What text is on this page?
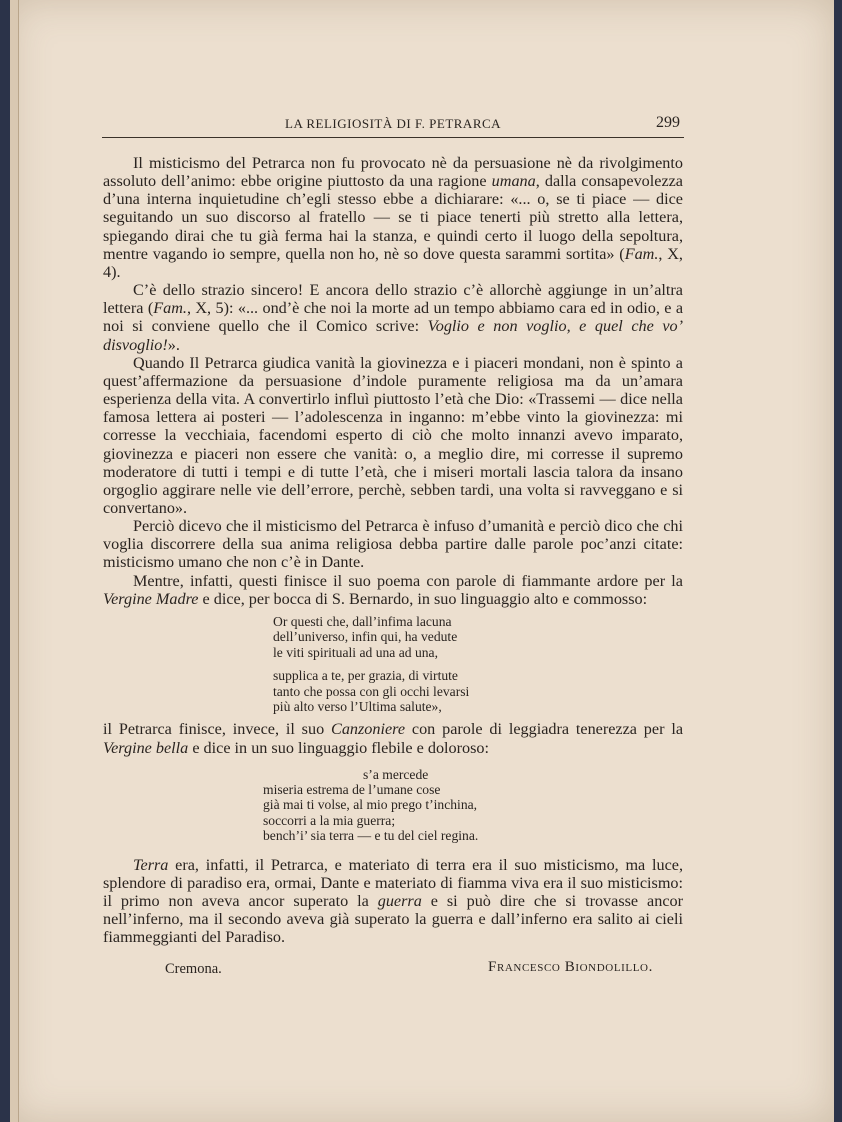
LA RELIGIOSITÀ DI F. PETRARCA	299

Il misticismo del Petrarca non fu provocato nè da persuasione nè da rivolgimento assoluto dell’animo: ebbe origine piuttosto da una ragione umana, dalla consapevolezza d’una interna inquietudine ch’egli stesso ebbe a dichiarare: «... o, se ti piace — dice seguitando un suo discorso al fratello — se ti piace tenerti più stretto alla lettera, spiegando dirai che tu già ferma hai la stanza, e quindi certo il luogo della sepoltura, mentre vagando io sempre, quella non ho, nè so dove questa sarammi sortita» (Fam., X, 4).

C’è dello strazio sincero! E ancora dello strazio c’è allorchè aggiunge in un’altra lettera (Fam., X, 5): «... ond’è che noi la morte ad un tempo abbiamo cara ed in odio, e a noi si conviene quello che il Comico scrive: Voglio e non voglio, e quel che vo’ disvoglio!».

Quando Il Petrarca giudica vanità la giovinezza e i piaceri mondani, non è spinto a quest’affermazione da persuasione d’indole puramente religiosa ma da un’amara esperienza della vita. A convertirlo influì piuttosto l’età che Dio: «Trassemi — dice nella famosa lettera ai posteri — l’adolescenza in inganno: m’ebbe vinto la giovinezza: mi corresse la vecchiaia, facendomi esperto di ciò che molto innanzi avevo imparato, giovinezza e piaceri non essere che vanità: o, a meglio dire, mi corresse il supremo moderatore di tutti i tempi e di tutte l’età, che i miseri mortali lascia talora da insano orgoglio aggirare nelle vie dell’errore, perchè, sebben tardi, una volta si ravveggano e si convertano».

Perciò dicevo che il misticismo del Petrarca è infuso d’umanità e perciò dico che chi voglia discorrere della sua anima religiosa debba partire dalle parole poc’anzi citate: misticismo umano che non c’è in Dante.

Mentre, infatti, questi finisce il suo poema con parole di fiammante ardore per la Vergine Madre e dice, per bocca di S. Bernardo, in suo linguaggio alto e commosso:

Or questi che, dall’infima lacuna
dell’universo, infin qui, ha vedute
le viti spirituali ad una ad una,
supplica a te, per grazia, di virtute
tanto che possa con gli occhi levarsi
più alto verso l’Ultima salute»,

il Petrarca finisce, invece, il suo Canzoniere con parole di leggiadra tenerezza per la Vergine bella e dice in un suo linguaggio flebile e doloroso:

s’a mercede
miseria estrema de l’umane cose
già mai ti volse, al mio prego t’inchina,
soccorri a la mia guerra;
bench’i’ sia terra — e tu del ciel regina.

Terra era, infatti, il Petrarca, e materiato di terra era il suo misticismo, ma luce, splendore di paradiso era, ormai, Dante e materiato di fiamma viva era il suo misticismo: il primo non aveva ancor superato la guerra e si può dire che si trovasse ancor nell’inferno, ma il secondo aveva già superato la guerra e dall’inferno era salito ai cieli fiammeggianti del Paradiso.

Cremona.	Francesco Biondolillo.
